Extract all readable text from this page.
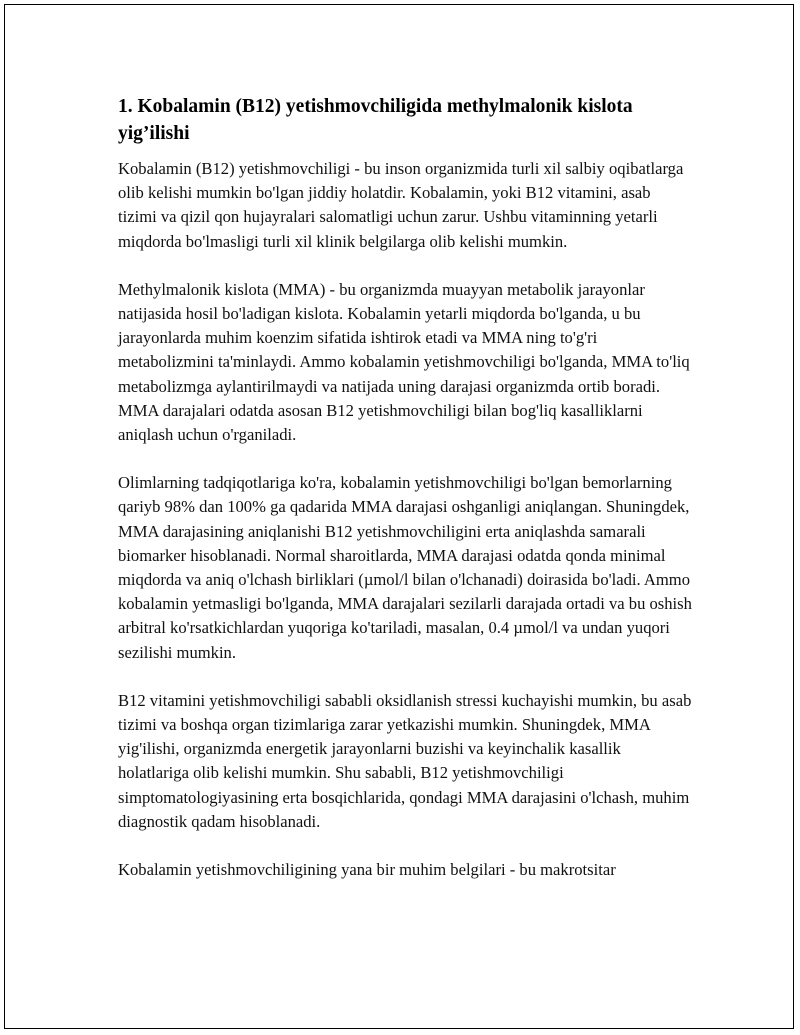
1. Kobalamin (B12) yetishmovchiligida methylmalonik kislota yig’ilishi

Kobalamin (B12) yetishmovchiligi - bu inson organizmida turli xil salbiy oqibatlarga olib kelishi mumkin bo'lgan jiddiy holatdir. Kobalamin, yoki B12 vitamini, asab tizimi va qizil qon hujayralari salomatligi uchun zarur. Ushbu vitaminning yetarli miqdorda bo'lmasligi turli xil klinik belgilarga olib kelishi mumkin.

Methylmalonik kislota (MMA) - bu organizmda muayyan metabolik jarayonlar natijasida hosil bo'ladigan kislota. Kobalamin yetarli miqdorda bo'lganda, u bu jarayonlarda muhim koenzim sifatida ishtirok etadi va MMA ning to'g'ri metabolizmini ta'minlaydi. Ammo kobalamin yetishmovchiligi bo'lganda, MMA to'liq metabolizmga aylantirilmaydi va natijada uning darajasi organizmda ortib boradi. MMA darajalari odatda asosan B12 yetishmovchiligi bilan bog'liq kasalliklarni aniqlash uchun o'rganiladi.

Olimlarning tadqiqotlariga ko'ra, kobalamin yetishmovchiligi bo'lgan bemorlarning qariyb 98% dan 100% ga qadarida MMA darajasi oshganligi aniqlangan. Shuningdek, MMA darajasining aniqlanishi B12 yetishmovchiligini erta aniqlashda samarali biomarker hisoblanadi. Normal sharoitlarda, MMA darajasi odatda qonda minimal miqdorda va aniq o'lchash birliklari (µmol/l bilan o'lchanadi) doirasida bo'ladi. Ammo kobalamin yetmasligi bo'lganda, MMA darajalari sezilarli darajada ortadi va bu oshish arbitral ko'rsatkichlardan yuqoriga ko'tariladi, masalan, 0.4 µmol/l va undan yuqori sezilishi mumkin.

B12 vitamini yetishmovchiligi sababli oksidlanish stressi kuchayishi mumkin, bu asab tizimi va boshqa organ tizimlariga zarar yetkazishi mumkin. Shuningdek, MMA yig'ilishi, organizmda energetik jarayonlarni buzishi va keyinchalik kasallik holatlariga olib kelishi mumkin. Shu sababli, B12 yetishmovchiligi simptomatologiyasining erta bosqichlarida, qondagi MMA darajasini o'lchash, muhim diagnostik qadam hisoblanadi.

Kobalamin yetishmovchiligining yana bir muhim belgilari - bu makrotsitar
